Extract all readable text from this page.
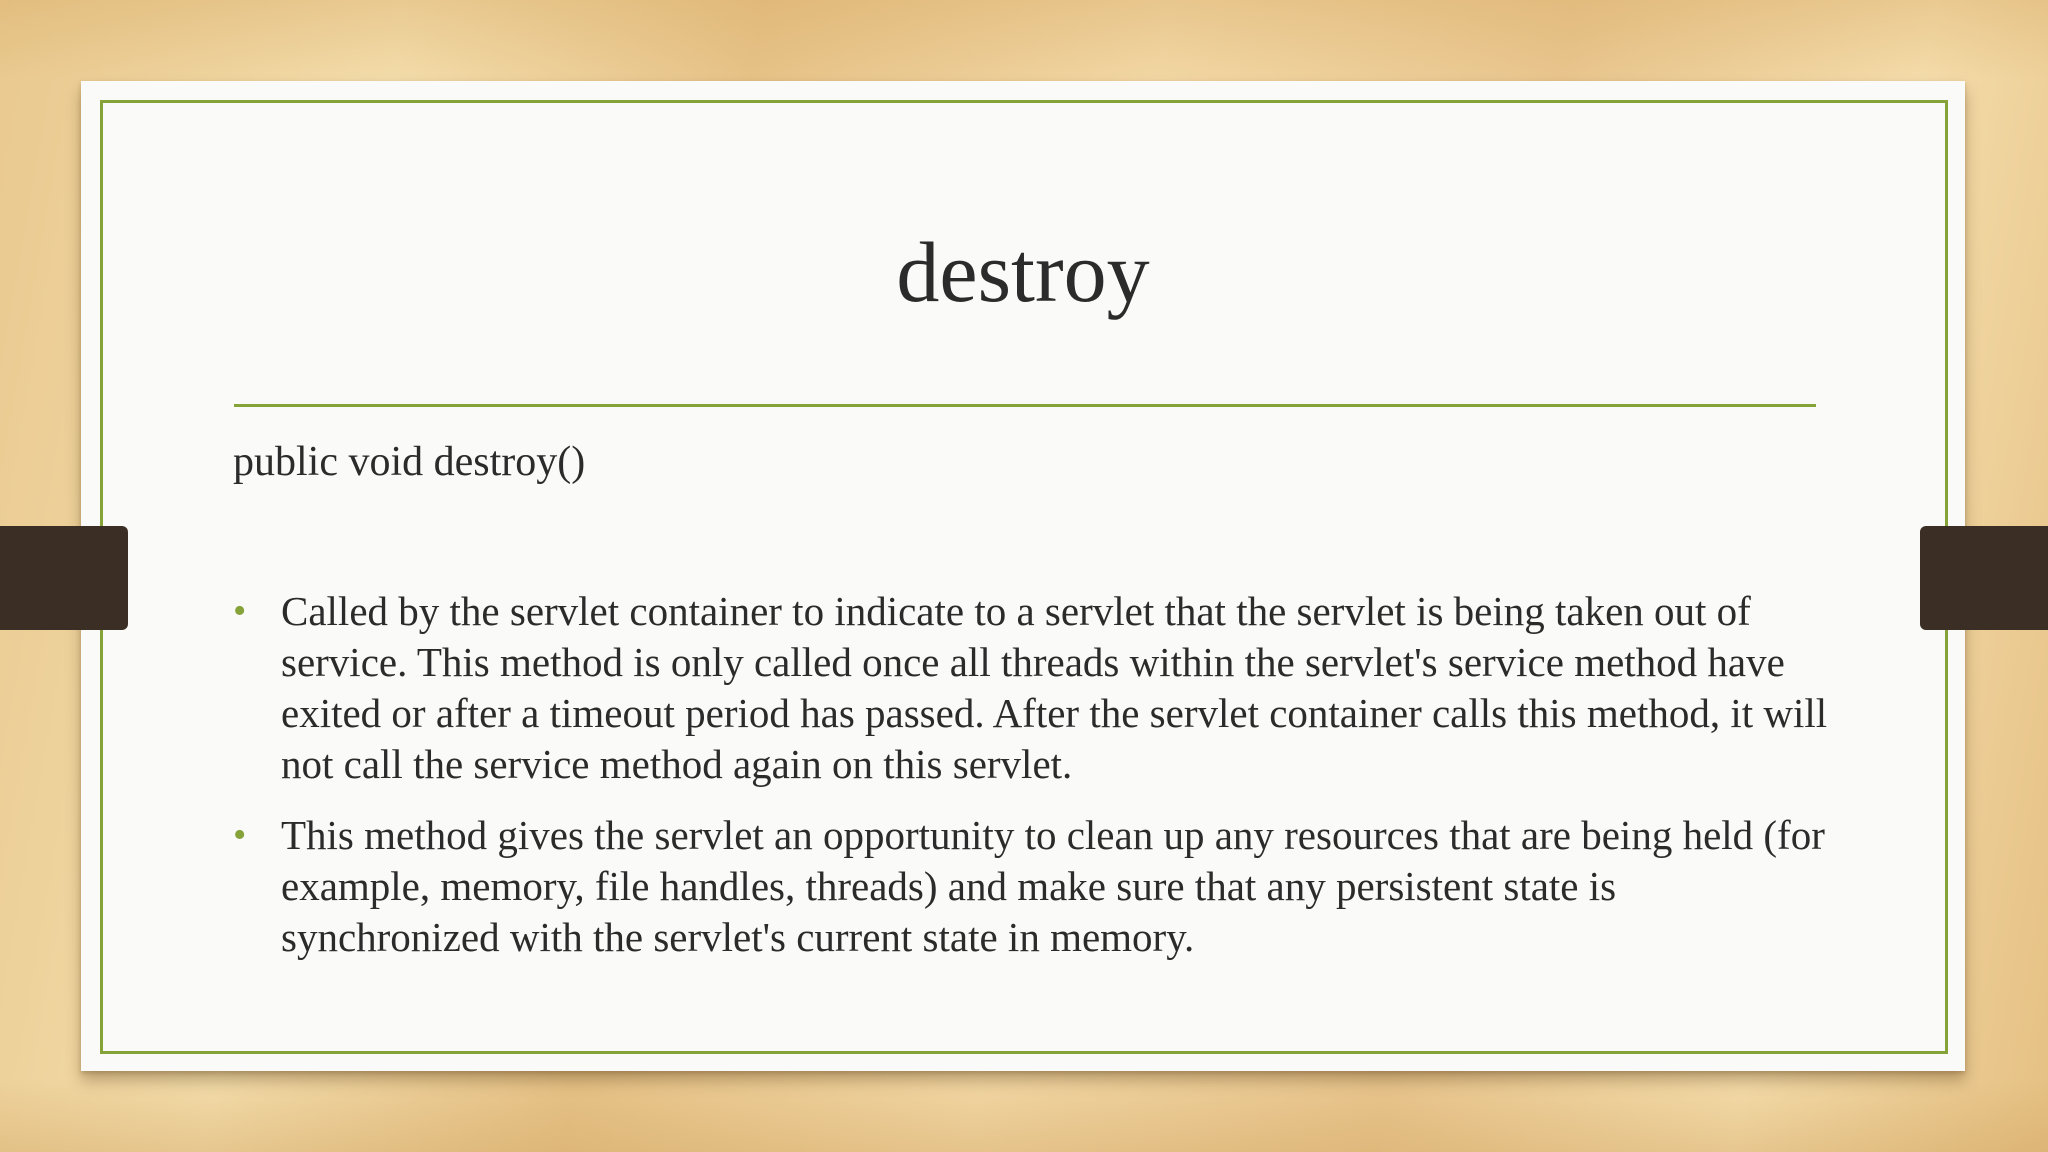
destroy
public void destroy()
• Called by the servlet container to indicate to a servlet that the servlet is being taken out of service. This method is only called once all threads within the servlet's service method have exited or after a timeout period has passed. After the servlet container calls this method, it will not call the service method again on this servlet.
• This method gives the servlet an opportunity to clean up any resources that are being held (for example, memory, file handles, threads) and make sure that any persistent state is synchronized with the servlet's current state in memory.
